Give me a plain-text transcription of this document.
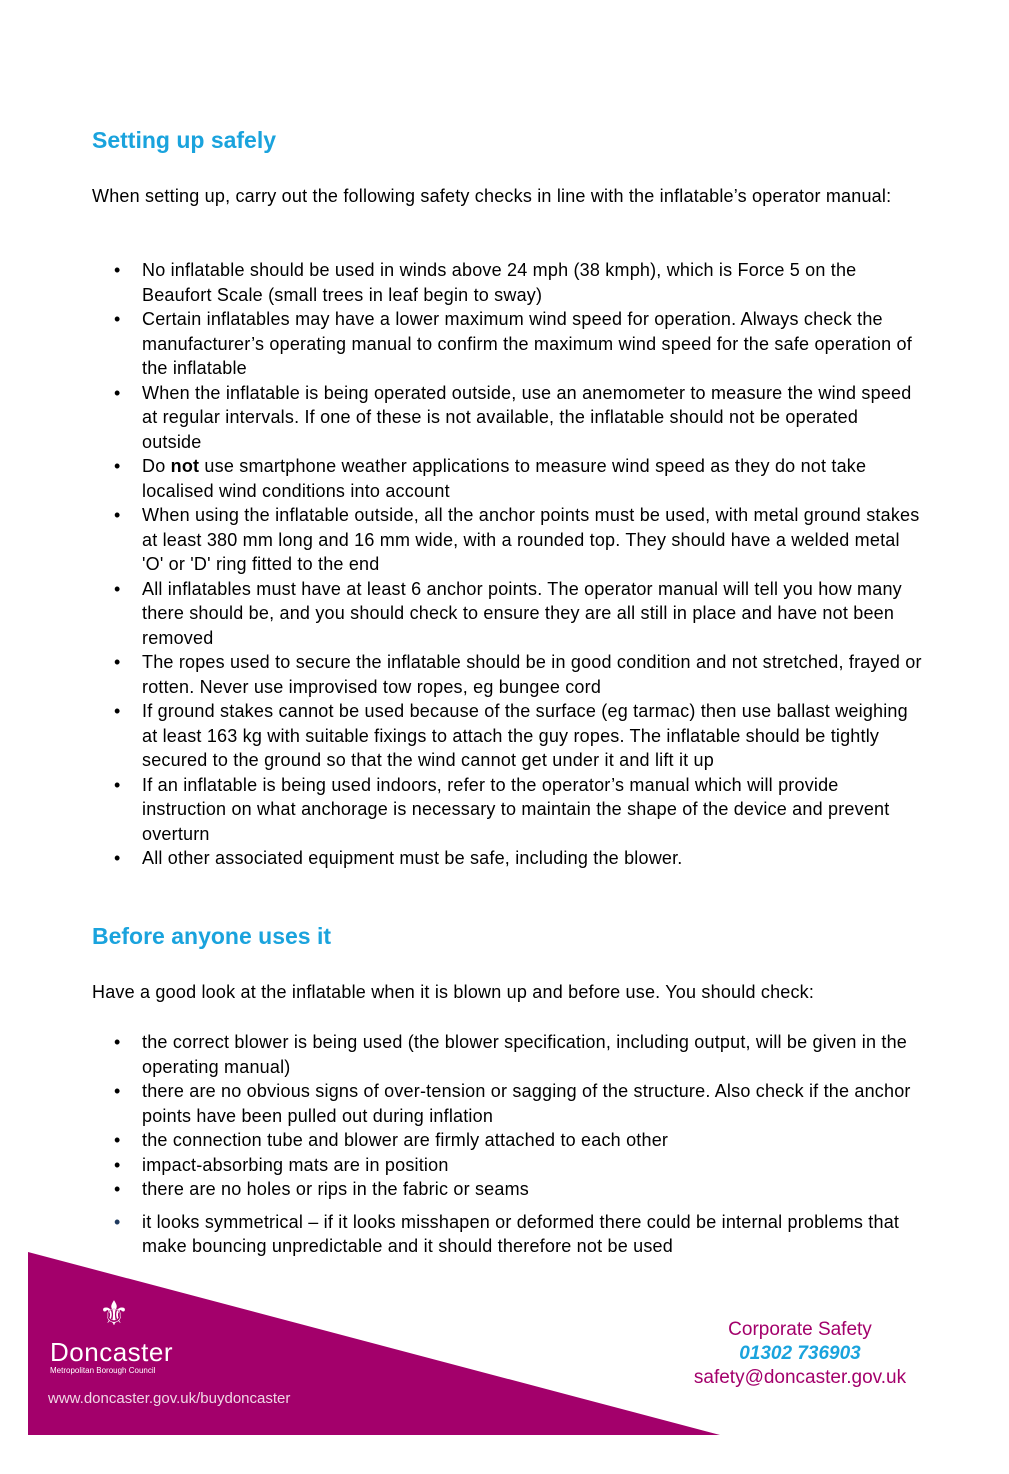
Setting up safely

When setting up, carry out the following safety checks in line with the inflatable’s operator manual:

• No inflatable should be used in winds above 24 mph (38 kmph), which is Force 5 on the Beaufort Scale (small trees in leaf begin to sway)
• Certain inflatables may have a lower maximum wind speed for operation. Always check the manufacturer’s operating manual to confirm the maximum wind speed for the safe operation of the inflatable
• When the inflatable is being operated outside, use an anemometer to measure the wind speed at regular intervals. If one of these is not available, the inflatable should not be operated outside
• Do not use smartphone weather applications to measure wind speed as they do not take localised wind conditions into account
• When using the inflatable outside, all the anchor points must be used, with metal ground stakes at least 380 mm long and 16 mm wide, with a rounded top. They should have a welded metal 'O' or 'D' ring fitted to the end
• All inflatables must have at least 6 anchor points. The operator manual will tell you how many there should be, and you should check to ensure they are all still in place and have not been removed
• The ropes used to secure the inflatable should be in good condition and not stretched, frayed or rotten. Never use improvised tow ropes, eg bungee cord
• If ground stakes cannot be used because of the surface (eg tarmac) then use ballast weighing at least 163 kg with suitable fixings to attach the guy ropes. The inflatable should be tightly secured to the ground so that the wind cannot get under it and lift it up
• If an inflatable is being used indoors, refer to the operator’s manual which will provide instruction on what anchorage is necessary to maintain the shape of the device and prevent overturn
• All other associated equipment must be safe, including the blower.
Before anyone uses it

Have a good look at the inflatable when it is blown up and before use. You should check:

• the correct blower is being used (the blower specification, including output, will be given in the operating manual)
• there are no obvious signs of over-tension or sagging of the structure. Also check if the anchor points have been pulled out during inflation
• the connection tube and blower are firmly attached to each other
• impact-absorbing mats are in position
• there are no holes or rips in the fabric or seams
• it looks symmetrical – if it looks misshapen or deformed there could be internal problems that make bouncing unpredictable and it should therefore not be used
⚜
Doncaster
Metropolitan Borough Council
www.doncaster.gov.uk/buydoncaster
Corporate Safety
01302 736903
safety@doncaster.gov.uk
